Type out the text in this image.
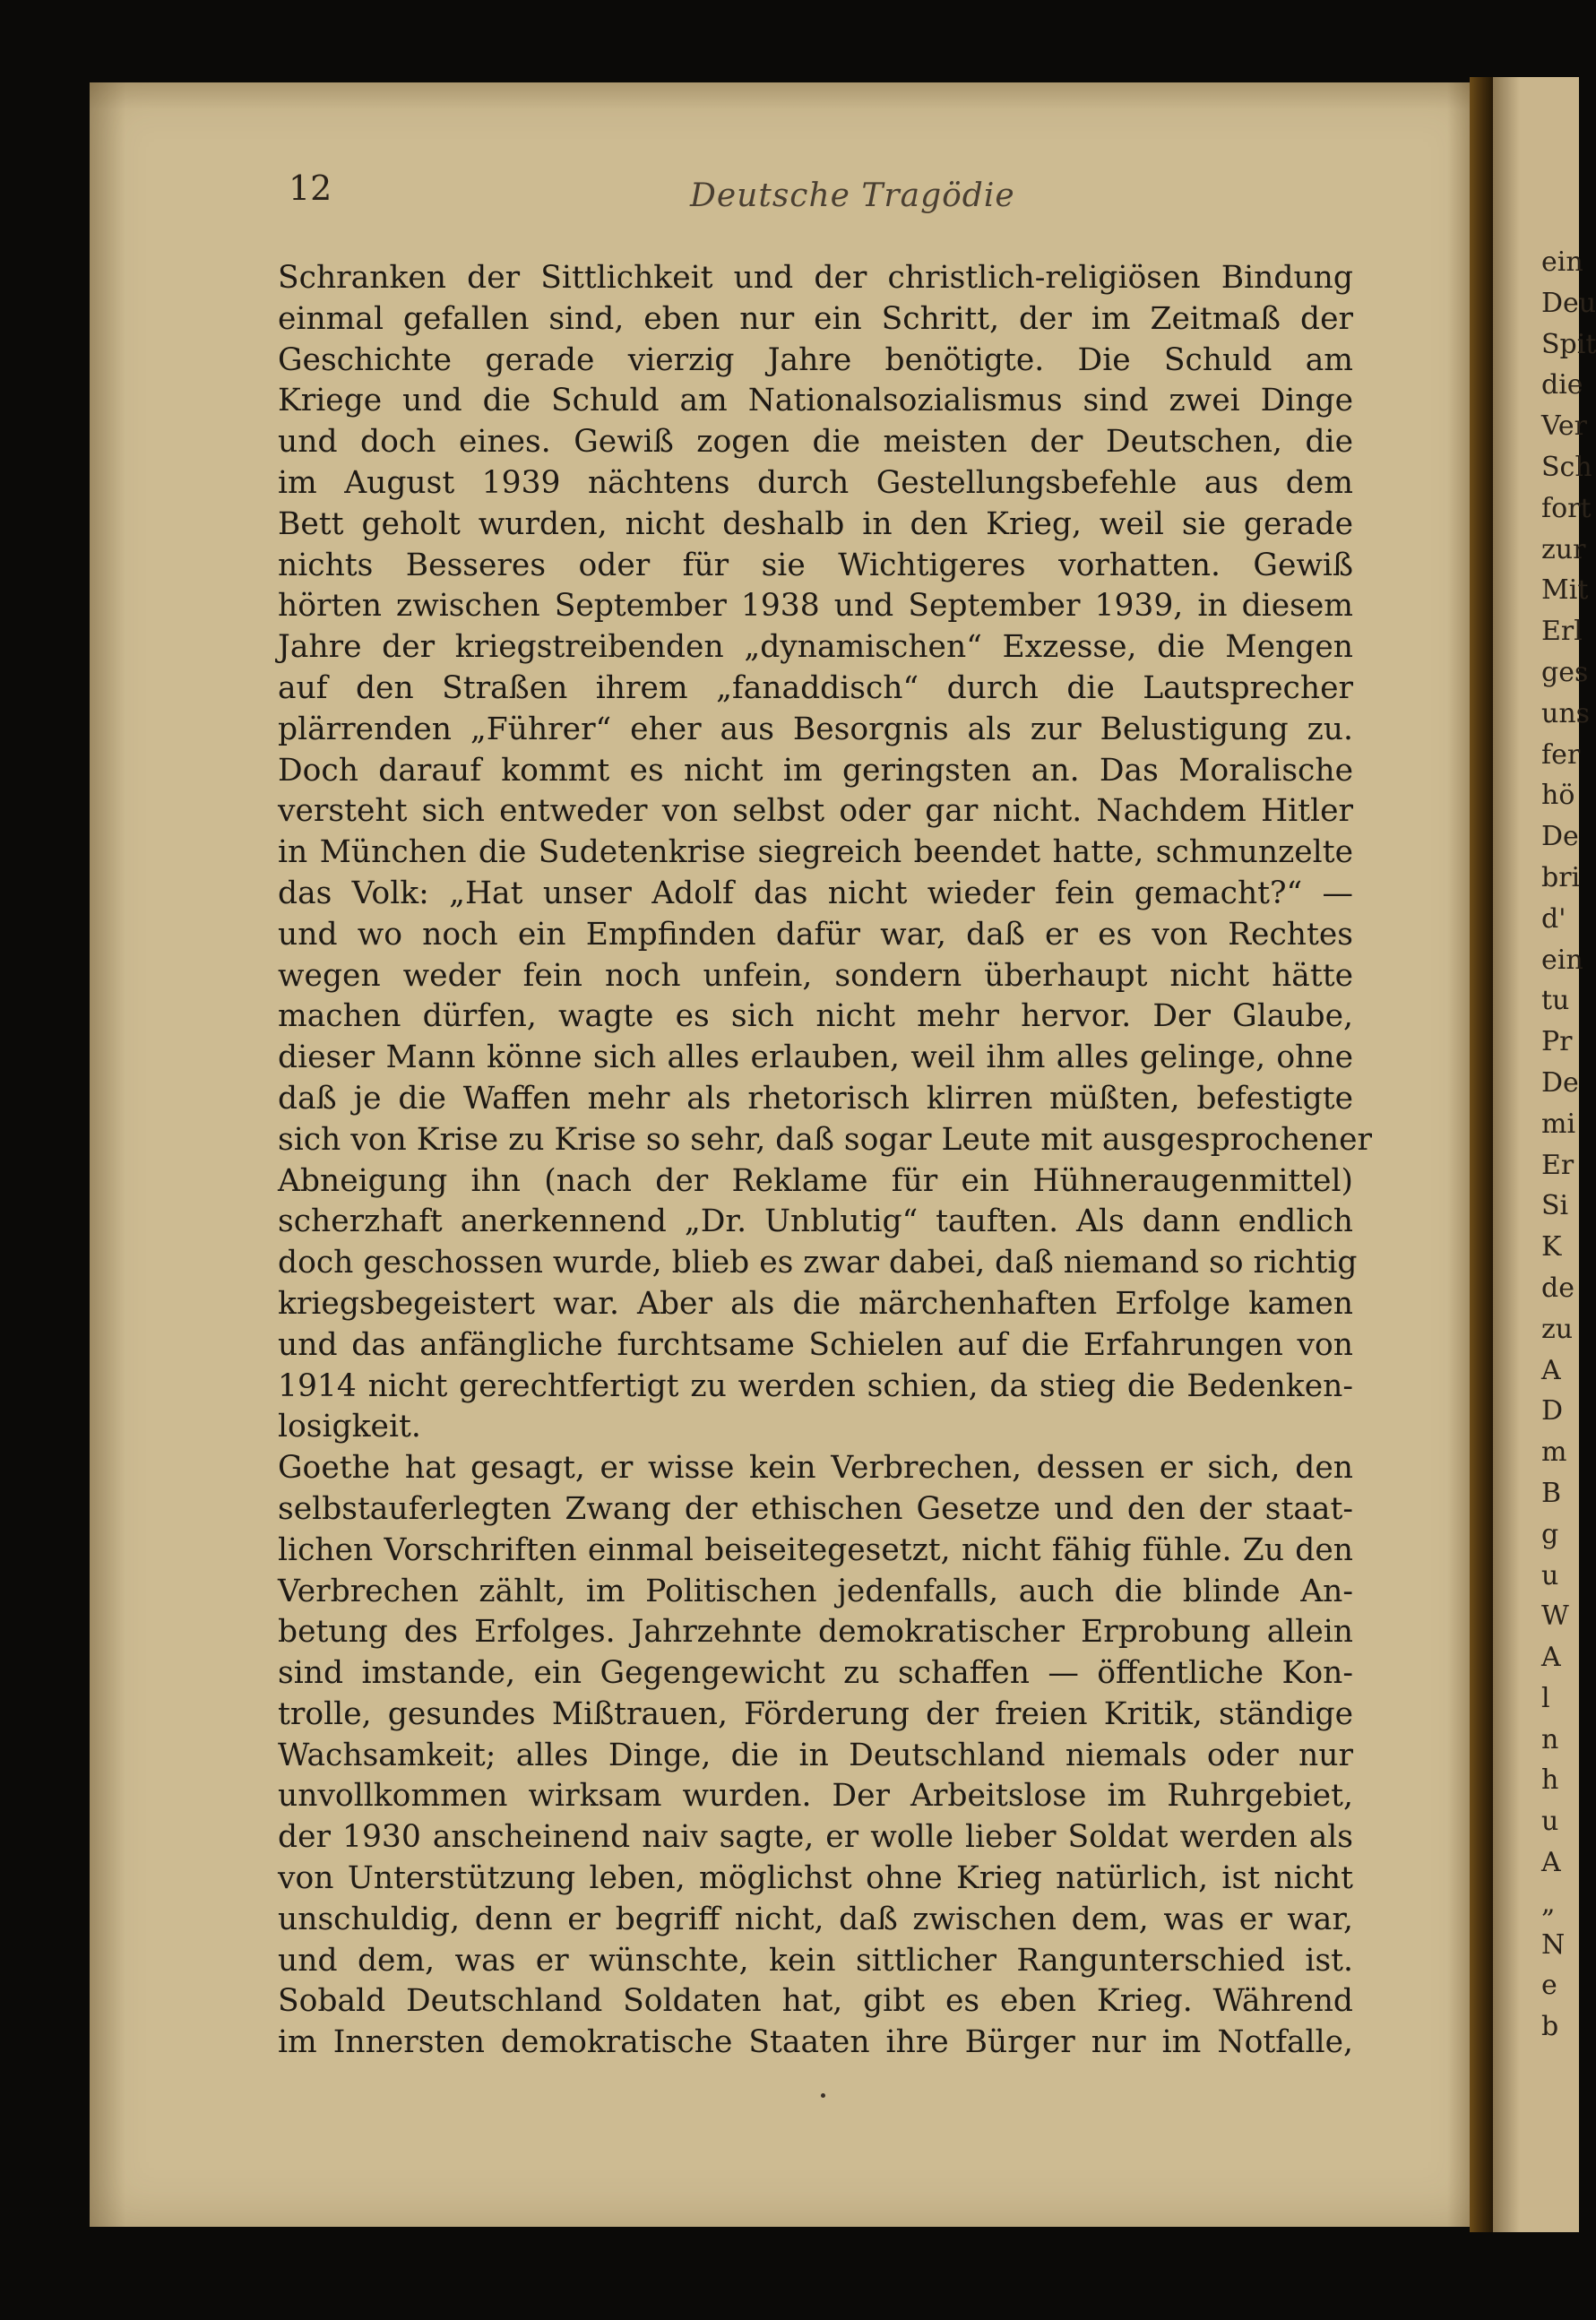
12	Deutsche Tragödie
Schranken der Sittlichkeit und der christlich-religiösen Bindung
einmal gefallen sind, eben nur ein Schritt, der im Zeitmaß der
Geschichte gerade vierzig Jahre benötigte. Die Schuld am
Kriege und die Schuld am Nationalsozialismus sind zwei Dinge
und doch eines. Gewiß zogen die meisten der Deutschen, die
im August 1939 nächtens durch Gestellungsbefehle aus dem
Bett geholt wurden, nicht deshalb in den Krieg, weil sie gerade
nichts Besseres oder für sie Wichtigeres vorhatten. Gewiß
hörten zwischen September 1938 und September 1939, in diesem
Jahre der kriegstreibenden „dynamischen“ Exzesse, die Mengen
auf den Straßen ihrem „fanaddisch“ durch die Lautsprecher
plärrenden „Führer“ eher aus Besorgnis als zur Belustigung zu.
Doch darauf kommt es nicht im geringsten an. Das Moralische
versteht sich entweder von selbst oder gar nicht. Nachdem Hitler
in München die Sudetenkrise siegreich beendet hatte, schmunzelte
das Volk: „Hat unser Adolf das nicht wieder fein gemacht?“ —
und wo noch ein Empfinden dafür war, daß er es von Rechtes
wegen weder fein noch unfein, sondern überhaupt nicht hätte
machen dürfen, wagte es sich nicht mehr hervor. Der Glaube,
dieser Mann könne sich alles erlauben, weil ihm alles gelinge, ohne
daß je die Waffen mehr als rhetorisch klirren müßten, befestigte
sich von Krise zu Krise so sehr, daß sogar Leute mit ausgesprochener
Abneigung ihn (nach der Reklame für ein Hühneraugenmittel)
scherzhaft anerkennend „Dr. Unblutig“ tauften. Als dann endlich
doch geschossen wurde, blieb es zwar dabei, daß niemand so richtig
kriegsbegeistert war. Aber als die märchenhaften Erfolge kamen
und das anfängliche furchtsame Schielen auf die Erfahrungen von
1914 nicht gerechtfertigt zu werden schien, da stieg die Bedenken-
losigkeit.
Goethe hat gesagt, er wisse kein Verbrechen, dessen er sich, den
selbstauferlegten Zwang der ethischen Gesetze und den der staat-
lichen Vorschriften einmal beiseitegesetzt, nicht fähig fühle. Zu den
Verbrechen zählt, im Politischen jedenfalls, auch die blinde An-
betung des Erfolges. Jahrzehnte demokratischer Erprobung allein
sind imstande, ein Gegengewicht zu schaffen — öffentliche Kon-
trolle, gesundes Mißtrauen, Förderung der freien Kritik, ständige
Wachsamkeit; alles Dinge, die in Deutschland niemals oder nur
unvollkommen wirksam wurden. Der Arbeitslose im Ruhrgebiet,
der 1930 anscheinend naiv sagte, er wolle lieber Soldat werden als
von Unterstützung leben, möglichst ohne Krieg natürlich, ist nicht
unschuldig, denn er begriff nicht, daß zwischen dem, was er war,
und dem, was er wünschte, kein sittlicher Rangunterschied ist.
Sobald Deutschland Soldaten hat, gibt es eben Krieg. Während
im Innersten demokratische Staaten ihre Bürger nur im Notfalle,
ein
Deu
Spit
die
Ver
Sch
fort
zur
Mit
Erl
ges
uns
fer
hö
De
bri
d'
ein
tu
Pr
De
mi
Er
Si
K
de
zu
A
D
m
B
g
u
W
A
l
n
h
u
A
„
N
e
b
